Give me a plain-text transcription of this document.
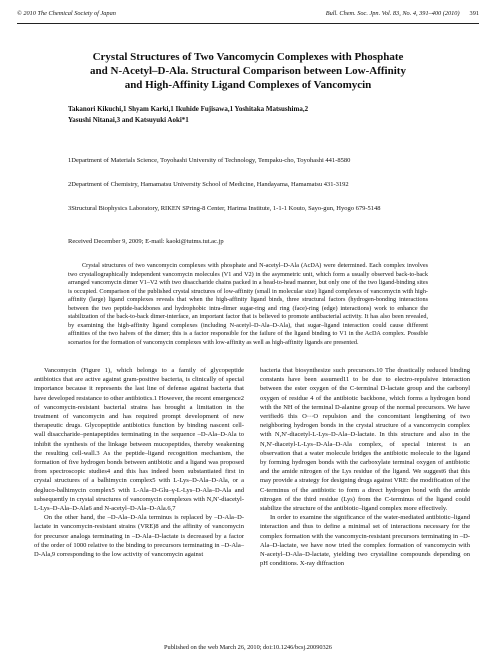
© 2010 The Chemical Society of Japan	Bull. Chem. Soc. Jpn. Vol. 83, No. 4, 391–400 (2010) 391
Crystal Structures of Two Vancomycin Complexes with Phosphate
and N-Acetyl–D-Ala. Structural Comparison between Low-Affinity
and High-Affinity Ligand Complexes of Vancomycin
Takanori Kikuchi,1 Shyam Karki,1 Ikuhide Fujisawa,1 Yoshitaka Matsushima,2
Yasushi Nitanai,3 and Katsuyuki Aoki*1
1Department of Materials Science, Toyohashi University of Technology, Tempaku-cho, Toyohashi 441-8580
2Department of Chemistry, Hamamatsu University School of Medicine, Handayama, Hamamatsu 431-3192
3Structural Biophysics Laboratory, RIKEN SPring-8 Center, Harima Institute, 1-1-1 Kouto, Sayo-gun, Hyogo 679-5148
Received December 9, 2009; E-mail: kaoki@tutms.tut.ac.jp
Crystal structures of two vancomycin complexes with phosphate and N-acetyl–D-Ala (AcDA) were determined. Each complex involves two crystallographically independent vancomycin molecules (V1 and V2) in the asymmetric unit, which form a usually observed back-to-back arranged vancomycin dimer V1–V2 with two disaccharide chains packed in a head-to-head manner, but only one of the two ligand-binding sites is occupied. Comparison of the published crystal structures of low-affinity (small in molecular size) ligand complexes of vancomycin with high-affinity (large) ligand complexes reveals that when the high-affinity ligand binds, three structural factors (hydrogen-bonding interactions between the two peptide-backbones and hydrophobic intra-dimer sugar-ring and ring (face)-ring (edge) interactions) work to enhance the stabilization of the back-to-back dimer-interface, an important factor that is believed to promote antibacterial activity. It has also been revealed, by examining the high-affinity ligand complexes (including N-acetyl–D-Ala–D-Ala), that sugar–ligand interaction could cause different affinities of the two halves of the dimer; this is a factor responsible for the failure of the ligand binding to V1 in the AcDA complex. Possible scenarios for the formation of vancomycin complexes with low-affinity as well as high-affinity ligands are presented.

Vancomycin (Figure 1), which belongs to a family of glycopeptide antibiotics that are active against gram-positive bacteria, is clinically of special importance because it represents the last line of defense against bacteria that have developed resistance to other antibiotics.1 However, the recent emergence2 of vancomycin-resistant bacterial strains has brought a limitation in the treatment of vancomycin and has required prompt development of new therapeutic drugs. Glycopeptide antibiotics function by binding nascent cell-wall disaccharide–pentapeptides terminating in the sequence –D-Ala–D-Ala to inhibit the synthesis of the linkage between mucopeptides, thereby weakening the resulting cell-wall.3 As the peptide–ligand recognition mechanism, the formation of five hydrogen bonds between antibiotic and a ligand was proposed from spectroscopic studies4 and this has indeed been substantiated first in crystal structures of a balhimycin complex5 with L-Lys–D-Ala–D-Ala, or a degluco-balhimycin complex5 with L-Ala–D-Glu–γ-L-Lys–D-Ala–D-Ala and subsequently in crystal structures of vancomycin complexes with N,N′-diacetyl-L-Lys–D-Ala–D-Ala6 and N-acetyl–D-Ala–D-Ala.6,7

On the other hand, the –D-Ala–D-Ala terminus is replaced by –D-Ala–D-lactate in vancomycin-resistant strains (VRE)8 and the affinity of vancomycin for precursor analogs terminating in –D-Ala–D-lactate is decreased by a factor of the order of 1000 relative to the binding to precursors terminating in –D-Ala–D-Ala,9 corresponding to the low activity of vancomycin against

bacteria that biosynthesize such precursors.10 The drastically reduced binding constants have been assumed11 to be due to electro-repulsive interaction between the ester oxygen of the C-terminal D-lactate group and the carbonyl oxygen of residue 4 of the antibiotic backbone, which forms a hydrogen bond with the NH of the terminal D-alanine group of the normal precursors. We have verified6 this O···O repulsion and the concomitant lengthening of two neighboring hydrogen bonds in the crystal structure of a vancomycin complex with N,N′-diacetyl-L-Lys–D-Ala–D-lactate. In this structure and also in the N,N′-diacetyl-L-Lys–D-Ala–D-Ala complex, of special interest is an observation that a water molecule bridges the antibiotic molecule to the ligand by forming hydrogen bonds with the carboxylate terminal oxygen of antibiotic and the amide nitrogen of the Lys residue of the ligand. We suggest6 that this may provide a strategy for designing drugs against VRE: the modification of the C-terminus of the antibiotic to form a direct hydrogen bond with the amide nitrogen of the third residue (Lys) from the C-terminus of the ligand could stabilize the structure of the antibiotic–ligand complex more effectively.

In order to examine the significance of the water-mediated antibiotic–ligand interaction and thus to define a minimal set of interactions necessary for the complex formation with the vancomycin-resistant precursors terminating in –D-Ala–D-lactate, we have now tried the complex formation of vancomycin with N-acetyl–D-Ala–D-lactate, yielding two crystalline compounds depending on pH conditions. X-ray diffraction

Published on the web March 26, 2010; doi:10.1246/bcsj.20090326
